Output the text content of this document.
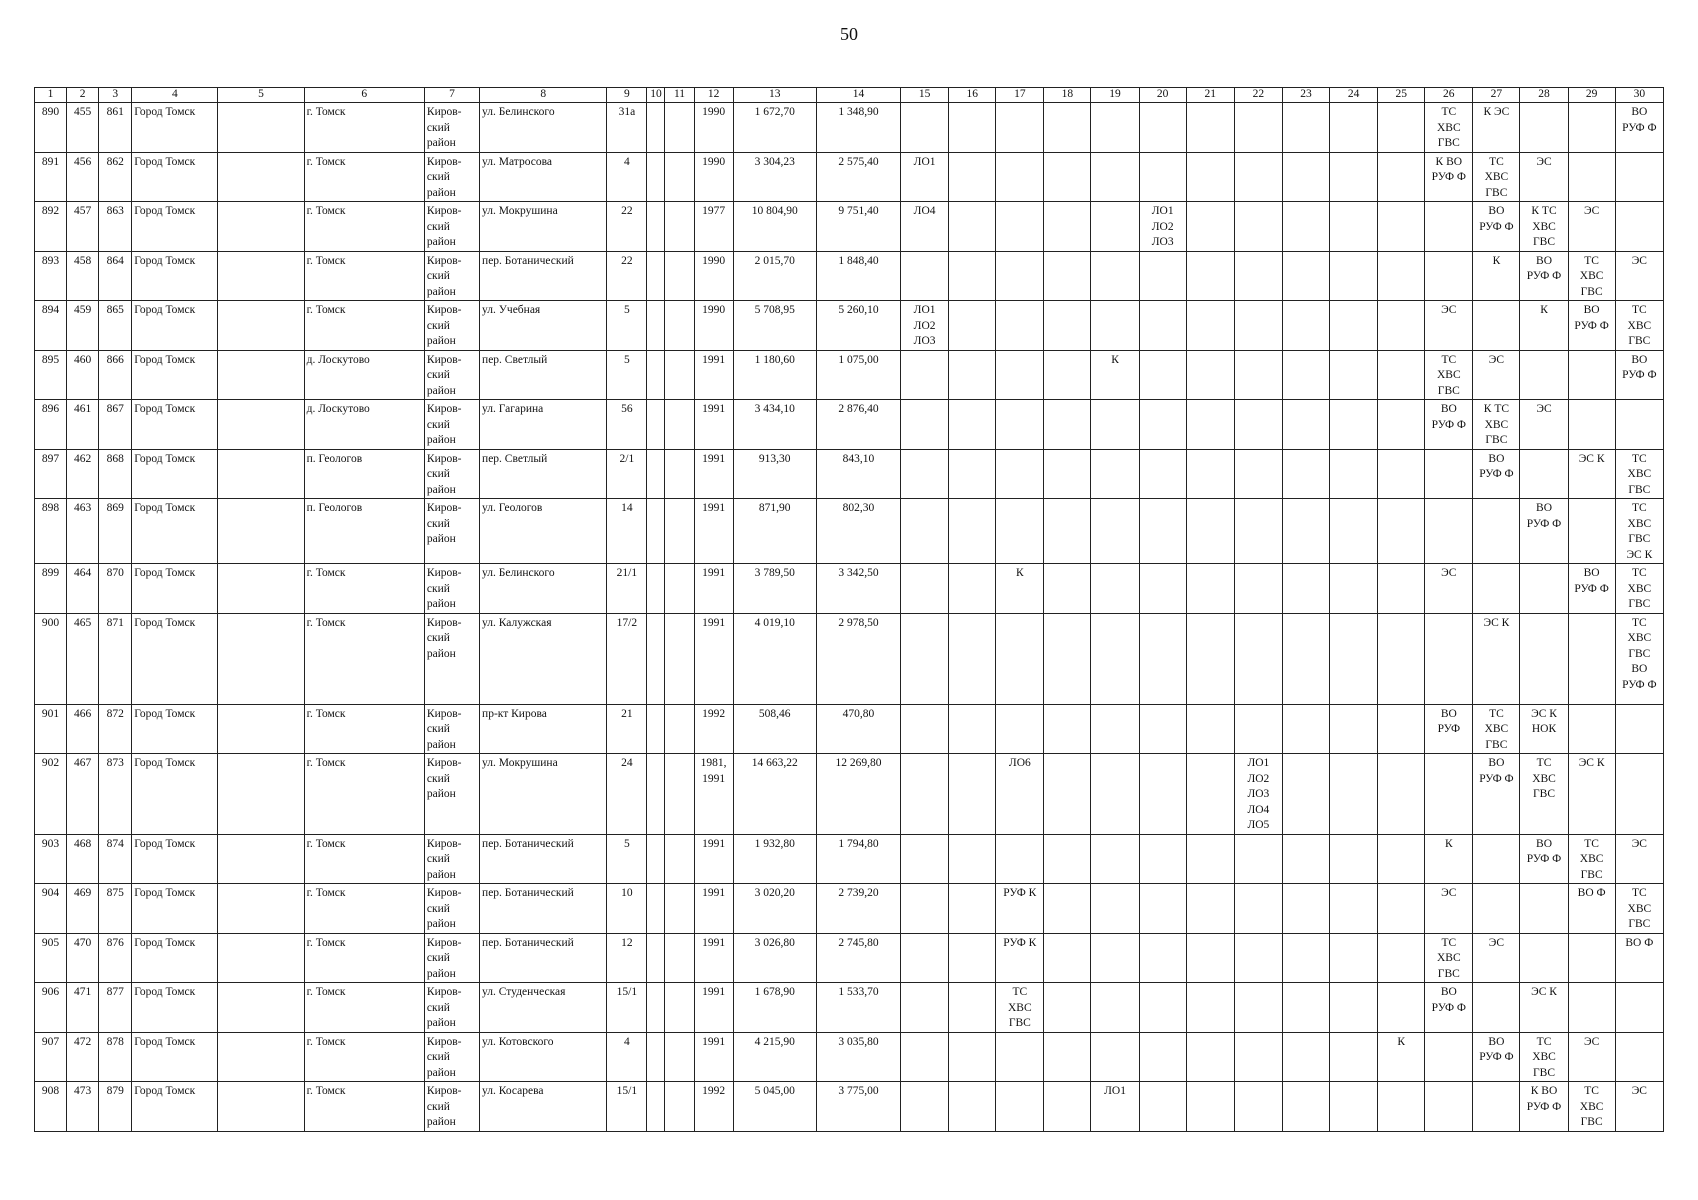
50
1	2	3	4	5	6	7	8	9	10	11	12	13	14	15	16	17	18	19	20	21	22	23	24	25	26	27	28	29	30
890	455	861	Город Томск		г. Томск	Киров-
ский
район	ул. Белинского	31а			1990	1 672,70	1 348,90												ТС
ХВС
ГВС	К ЭС			ВО
РУФ Ф
891	456	862	Город Томск		г. Томск	Киров-
ский
район	ул. Матросова	4			1990	3 304,23	2 575,40	ЛО1											К ВО
РУФ Ф	ТС
ХВС
ГВС	ЭС		
892	457	863	Город Томск		г. Томск	Киров-
ский
район	ул. Мокрушина	22			1977	10 804,90	9 751,40	ЛО4					ЛО1
ЛО2
ЛО3							ВО
РУФ Ф	К ТС
ХВС
ГВС	ЭС	
893	458	864	Город Томск		г. Томск	Киров-
ский
район	пер. Ботанический	22			1990	2 015,70	1 848,40													К	ВО
РУФ Ф	ТС
ХВС
ГВС	ЭС
894	459	865	Город Томск		г. Томск	Киров-
ский
район	ул. Учебная	5			1990	5 708,95	5 260,10	ЛО1
ЛО2
ЛО3											ЭС		К	ВО
РУФ Ф	ТС
ХВС
ГВС
895	460	866	Город Томск		д. Лоскутово	Киров-
ский
район	пер. Светлый	5			1991	1 180,60	1 075,00					К							ТС
ХВС
ГВС	ЭС			ВО
РУФ Ф
896	461	867	Город Томск		д. Лоскутово	Киров-
ский
район	ул. Гагарина	56			1991	3 434,10	2 876,40												ВО
РУФ Ф	К ТС
ХВС
ГВС	ЭС		
897	462	868	Город Томск		п. Геологов	Киров-
ский
район	пер. Светлый	2/1			1991	913,30	843,10													ВО
РУФ Ф		ЭС К	ТС
ХВС
ГВС
898	463	869	Город Томск		п. Геологов	Киров-
ский
район	ул. Геологов	14			1991	871,90	802,30														ВО
РУФ Ф		ТС
ХВС
ГВС
ЭС К
899	464	870	Город Томск		г. Томск	Киров-
ский
район	ул. Белинского	21/1			1991	3 789,50	3 342,50			К									ЭС			ВО
РУФ Ф	ТС
ХВС
ГВС
900	465	871	Город Томск		г. Томск	Киров-
ский
район	ул. Калужская	17/2			1991	4 019,10	2 978,50													ЭС К			ТС
ХВС
ГВС
ВО
РУФ Ф
901	466	872	Город Томск		г. Томск	Киров-
ский
район	пр-кт Кирова	21			1992	508,46	470,80												ВО
РУФ	ТС
ХВС
ГВС	ЭС К
НОК		
902	467	873	Город Томск		г. Томск	Киров-
ский
район	ул. Мокрушина	24			1981,
1991	14 663,22	12 269,80			ЛО6					ЛО1
ЛО2
ЛО3
ЛО4
ЛО5					ВО
РУФ Ф	ТС
ХВС
ГВС	ЭС К	
903	468	874	Город Томск		г. Томск	Киров-
ский
район	пер. Ботанический	5			1991	1 932,80	1 794,80												К		ВО
РУФ Ф	ТС
ХВС
ГВС	ЭС
904	469	875	Город Томск		г. Томск	Киров-
ский
район	пер. Ботанический	10			1991	3 020,20	2 739,20			РУФ К									ЭС			ВО Ф	ТС
ХВС
ГВС
905	470	876	Город Томск		г. Томск	Киров-
ский
район	пер. Ботанический	12			1991	3 026,80	2 745,80			РУФ К									ТС
ХВС
ГВС	ЭС			ВО Ф
906	471	877	Город Томск		г. Томск	Киров-
ский
район	ул. Студенческая	15/1			1991	1 678,90	1 533,70			ТС
ХВС
ГВС									ВО
РУФ Ф		ЭС К		
907	472	878	Город Томск		г. Томск	Киров-
ский
район	ул. Котовского	4			1991	4 215,90	3 035,80											К		ВО
РУФ Ф	ТС
ХВС
ГВС	ЭС	
908	473	879	Город Томск		г. Томск	Киров-
ский
район	ул. Косарева	15/1			1992	5 045,00	3 775,00					ЛО1									К ВО
РУФ Ф	ТС
ХВС
ГВС	ЭС
